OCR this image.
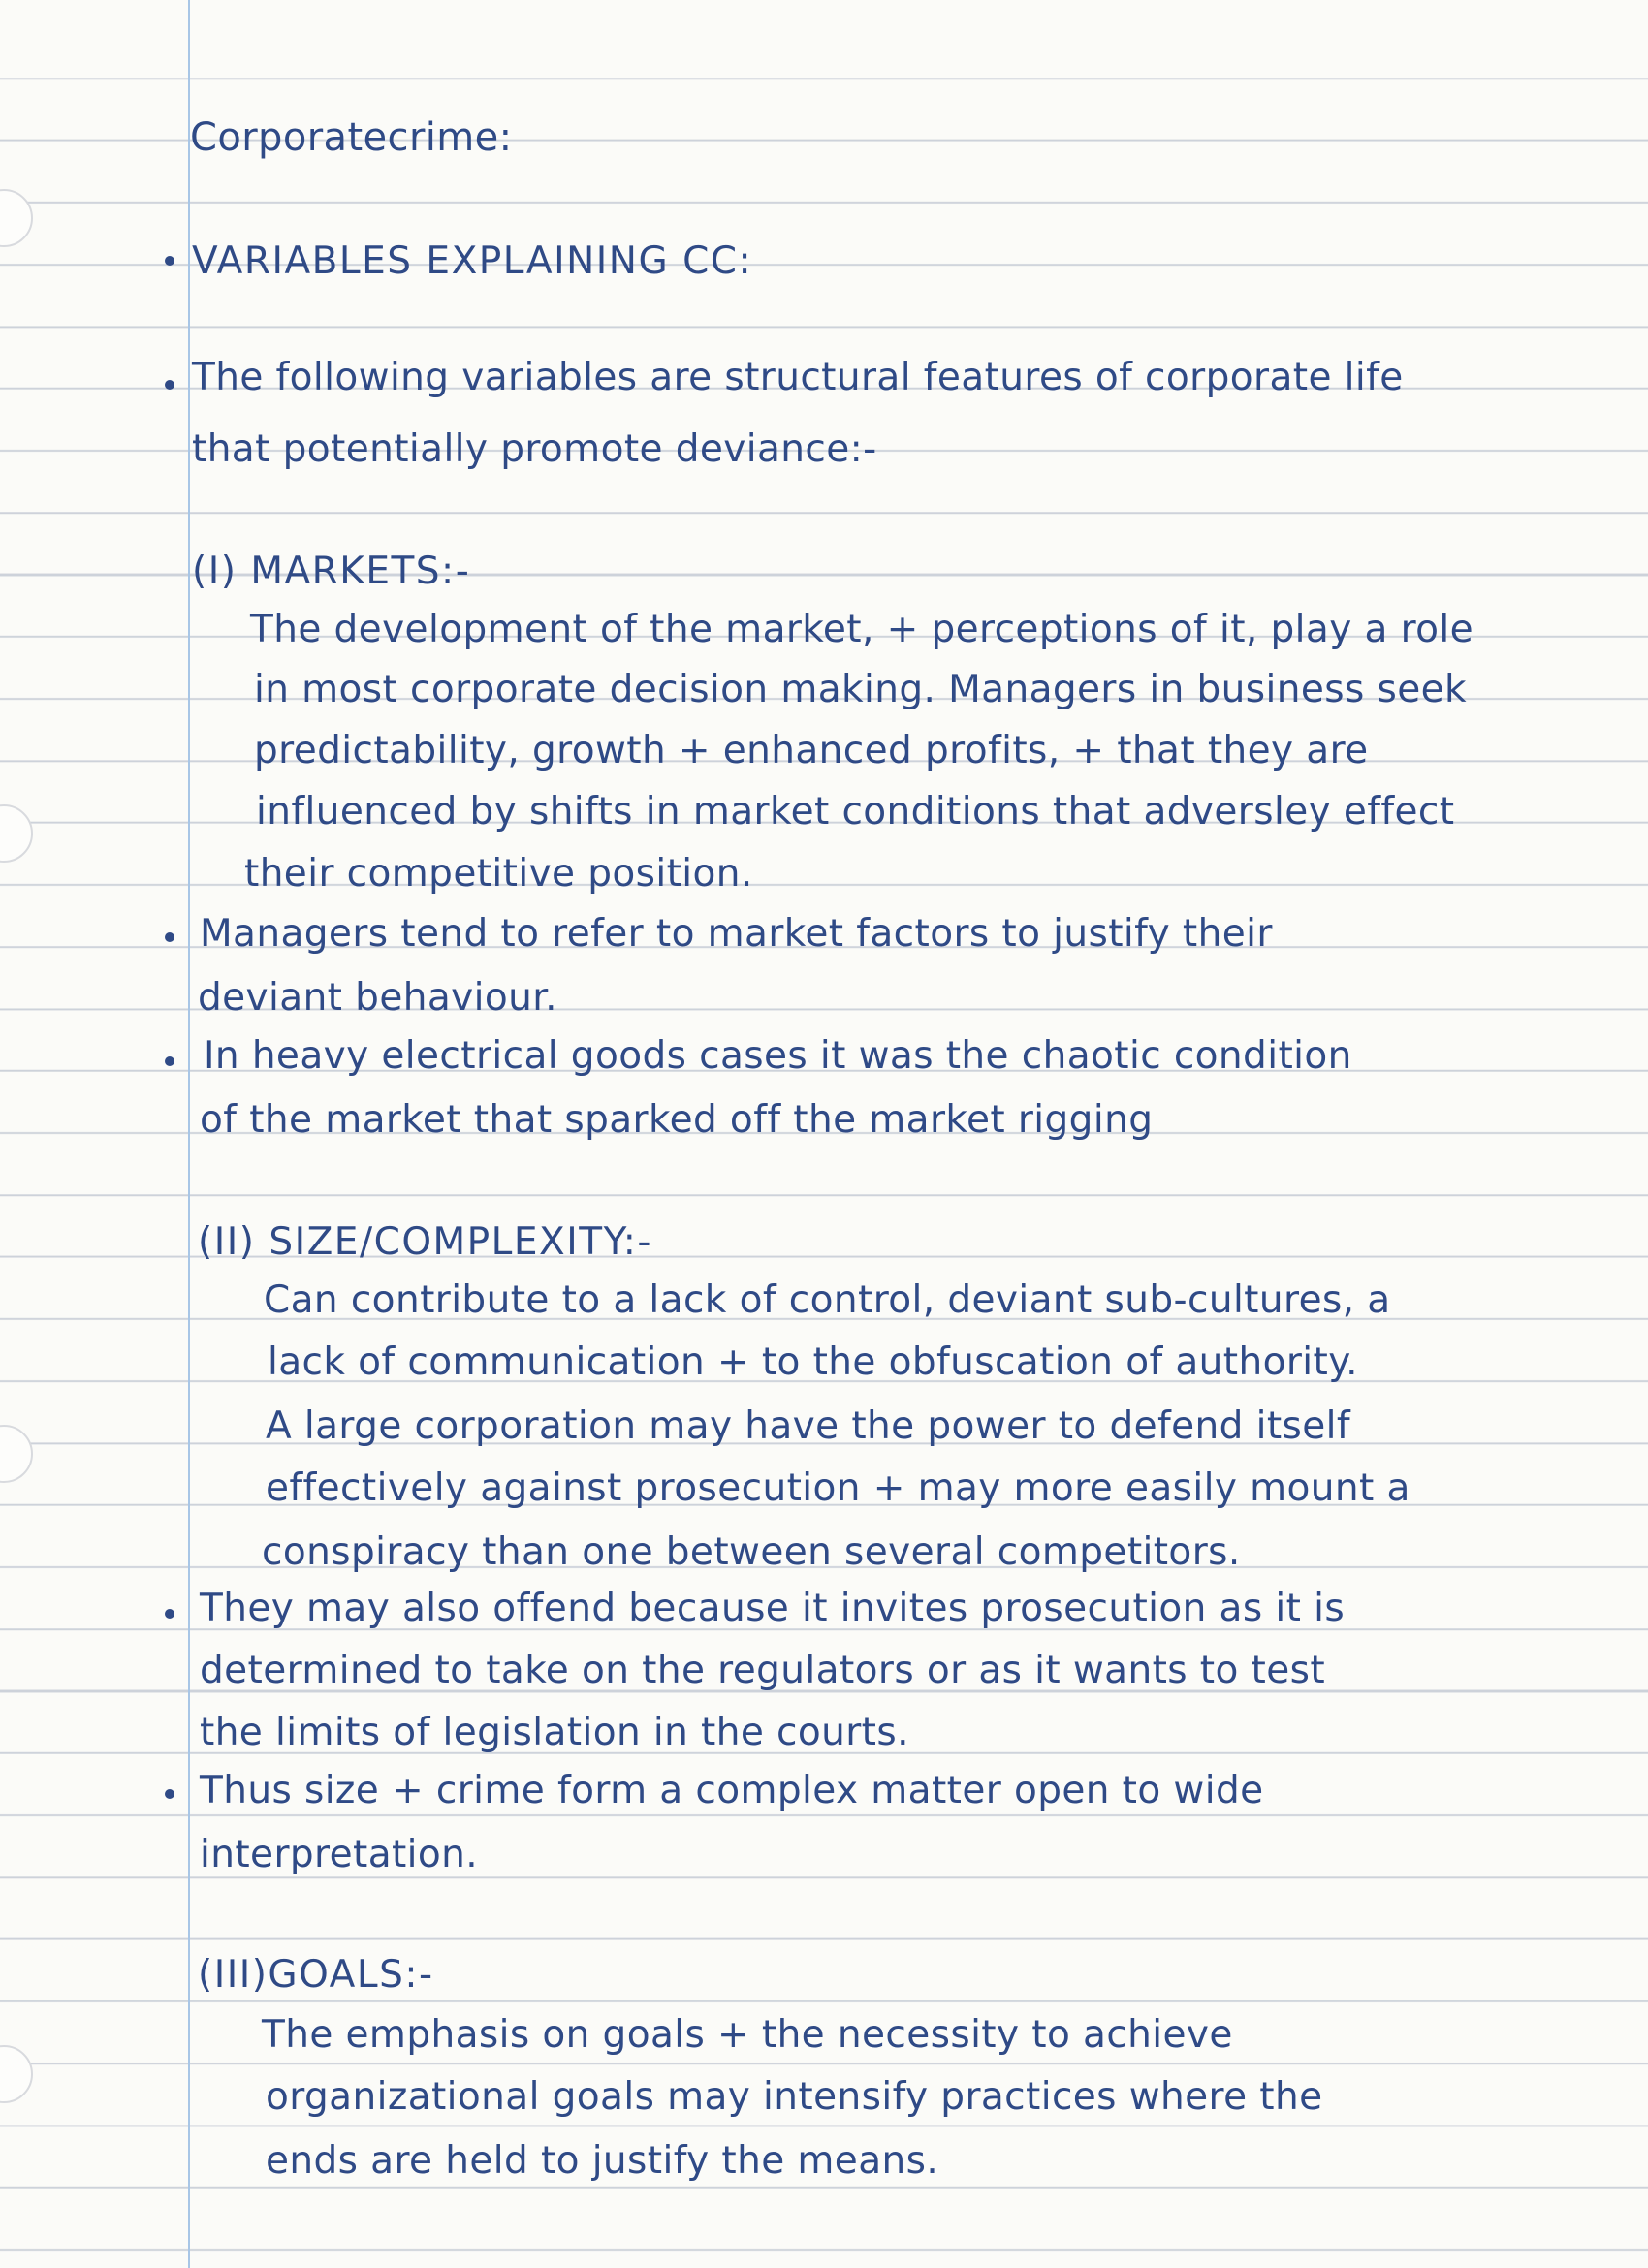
Corporatecrime:
VARIABLES EXPLAINING CC:
The following variables are structural features of corporate life
that potentially promote deviance:-
(I) MARKETS:-
The development of the market, + perceptions of it, play a role
in most corporate decision making. Managers in business seek
predictability, growth + enhanced profits, + that they are
influenced by shifts in market conditions that adversley effect
their competitive position.
Managers tend to refer to market factors to justify their
deviant behaviour.
In heavy electrical goods cases it was the chaotic condition
of the market that sparked off the market rigging
(II) SIZE/COMPLEXITY:-
Can contribute to a lack of control, deviant sub-cultures, a
lack of communication + to the obfuscation of authority.
A large corporation may have the power to defend itself
effectively against prosecution + may more easily mount a
conspiracy than one between several competitors.
They may also offend because it invites prosecution as it is
determined to take on the regulators or as it wants to test
the limits of legislation in the courts.
Thus size + crime form a complex matter open to wide
interpretation.
(III)GOALS:-
The emphasis on goals + the necessity to achieve
organizational goals may intensify practices where the
ends are held to justify the means.
